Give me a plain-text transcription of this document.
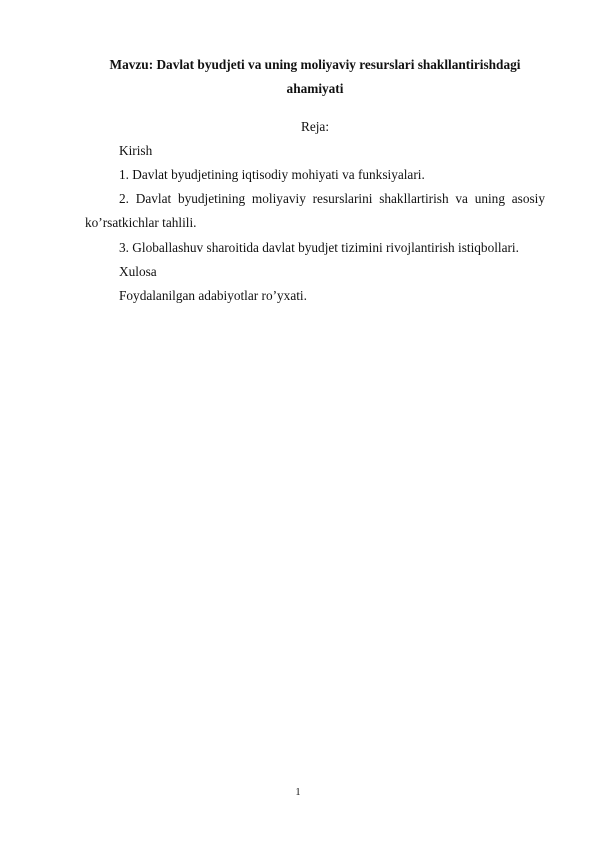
Mavzu: Davlat byudjeti va uning moliyaviy resurslari shakllantirishdagi
ahamiyati
Reja:
Kirish
1. Davlat byudjetining iqtisodiy mohiyati va funksiyalari.
2. Davlat byudjetining moliyaviy resurslarini shakllartirish va uning asosiy
ko’rsatkichlar tahlili.
3. Globallashuv sharoitida davlat byudjet tizimini rivojlantirish istiqbollari.
Xulosa
Foydalanilgan adabiyotlar ro’yxati.
1
